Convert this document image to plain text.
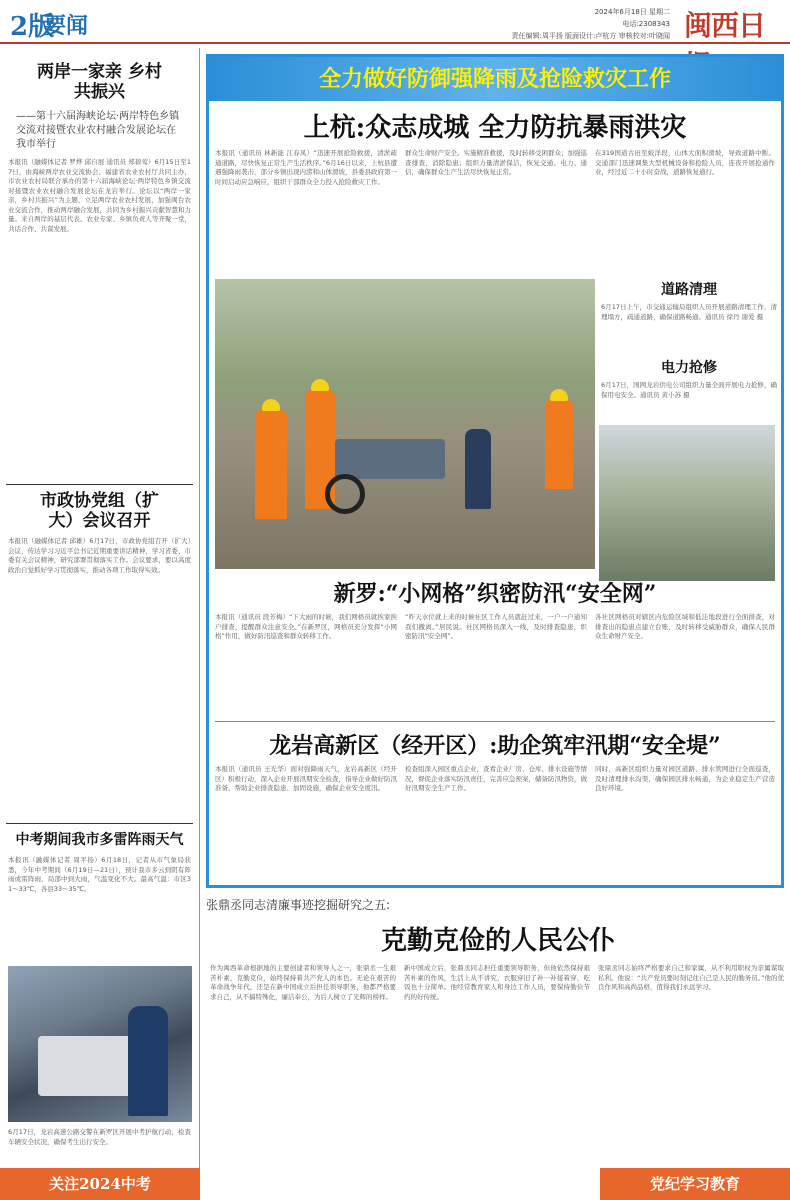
2版
要闻
2024年6月18日 星期二
电话:2308343
责任编辑:周平扬 版面设计:卢杭方 审核校对:叶晓闻 闽西日
两岸一家亲 乡村共振兴
——第十六届海峡论坛·两岸特色乡镇交流对接暨农业农村融合发展论坛在我市举行
本报讯（融媒体记者 罗烨 邱自展 通讯员 郑碧莺）6月15日至17日，由海峡两岸农业交流协会、福建省农业农村厅共同主办，市农业农村局联合承办的第十六届海峡论坛·两岸特色乡镇交流对接暨农业农村融合发展论坛在龙岩举行。论坛以“两岸一家亲，乡村共振兴”为主题，立足两岸农业农村发展，加强闽台农业交流合作，推动两岸融合发展，共同为乡村振兴贡献智慧和力量。来自两岸的基层代表、农业专家、乡镇负责人等齐聚一堂，共话合作、共谋发展。
市政协党组（扩大）会议召开
本报讯（融媒体记者 邱雄）6月17日，市政协党组召开（扩大）会议，传达学习习近平总书记近期重要讲话精神，学习省委、市委有关会议精神，研究部署贯彻落实工作。会议要求，要以高度政治自觉抓好学习贯彻落实，推动各项工作取得实效。
中考期间我市多雷阵雨天气
本报讯（融媒体记者 周平扬）6月18日，记者从市气象局获悉，今年中考期间（6月19日—21日），预计我市多云到阴有阵雨或雷阵雨，局部中到大雨，气温变化不大。最高气温：市区31～33℃，各县33～35℃。
6月17日，龙岩高速公路交警在新罗区开展中考护航行动，检查车辆安全状况，确保考生出行安全。
关注2024中考
全力做好防御强降雨及抢险救灾工作
上杭:众志成城 全力防抗暴雨洪灾
本报讯（通讯员 林新能 江春凤）“迅速开展抢险救援，清淤疏通道路，尽快恢复正常生产生活秩序。”6月16日以来，上杭县遭遇强降雨袭击，部分乡镇出现内涝和山体滑坡，县委县政府第一时间启动应急响应，组织干部群众全力投入抢险救灾工作。
群众生命财产安全。实施精准救援，及时转移受困群众；加强巡查排查，消除隐患；组织力量清淤保洁，恢复交通、电力、通信，确保群众生产生活尽快恢复正常。
在319国道古田至蛟洋段，山体大面积滑坡，导致道路中断。交通部门迅速调集大型机械设备和抢险人员，连夜开展抢通作业，经过近二十小时奋战，道路恢复通行。
道路清理
6月17日上午，市交通运输局组织人员开展道路清理工作，清理塌方，疏通道路，确保道路畅通。通讯员 徐丹 谢爱 摄
电力抢修
6月17日，国网龙岩供电公司组织力量全面开展电力抢修，确保用电安全。通讯员 黄小苏 摄
新罗:“小网格”织密防汛“安全网”
本报讯（通讯员 段芳梅）“下大雨的时候，我们网格员就挨家挨户排查，提醒群众注意安全。”在新罗区，网格员充分发挥“小网格”作用，做好防汛巡查和群众转移工作。
“昨天水位就上来的时候社区工作人员就赶过来，一户一户通知我们撤离。”居民说。社区网格员深入一线，及时排查隐患，织密防汛“安全网”。
各社区网格员对辖区内危险区域和低洼地段进行全面排查，对排查出的隐患点建立台账，及时转移受威胁群众，确保人民群众生命财产安全。
龙岩高新区（经开区）:助企筑牢汛期“安全堤”
本报讯（通讯员 王光华）面对强降雨天气，龙岩高新区（经开区）积极行动，深入企业开展汛期安全检查，指导企业做好防汛准备，帮助企业排查隐患、加固设施，确保企业安全度汛。
检查组深入园区重点企业，查看企业厂房、仓库、排水设施等情况，督促企业落实防汛责任，完善应急预案，储备防汛物资，做好汛期安全生产工作。
同时，高新区组织力量对园区道路、排水管网进行全面巡查，及时清理排水沟渠，确保园区排水畅通，为企业稳定生产营造良好环境。
张鼎丞同志清廉事迹挖掘研究之五:
克勤克俭的人民公仆
作为闽西革命根据地的主要创建者和领导人之一，张鼎丞一生艰苦朴素，克勤克俭，始终保持着共产党人的本色。无论在艰苦的革命战争年代，还是在新中国成立后担任领导职务，他都严格要求自己，从不搞特殊化，廉洁奉公，为后人树立了光辉的榜样。
新中国成立后，张鼎丞同志担任重要领导职务，但他依然保持艰苦朴素的作风，生活上从不讲究，衣服穿旧了补一补接着穿，吃饭也十分简单。他经常教育家人和身边工作人员，要保持勤俭节约的好传统。
张鼎丞同志始终严格要求自己和家属，从不利用职权为亲属谋取私利。他说：“共产党员要时刻记住自己是人民的勤务员。”他的优良作风和高尚品格，值得我们永远学习。
党纪学习教育
